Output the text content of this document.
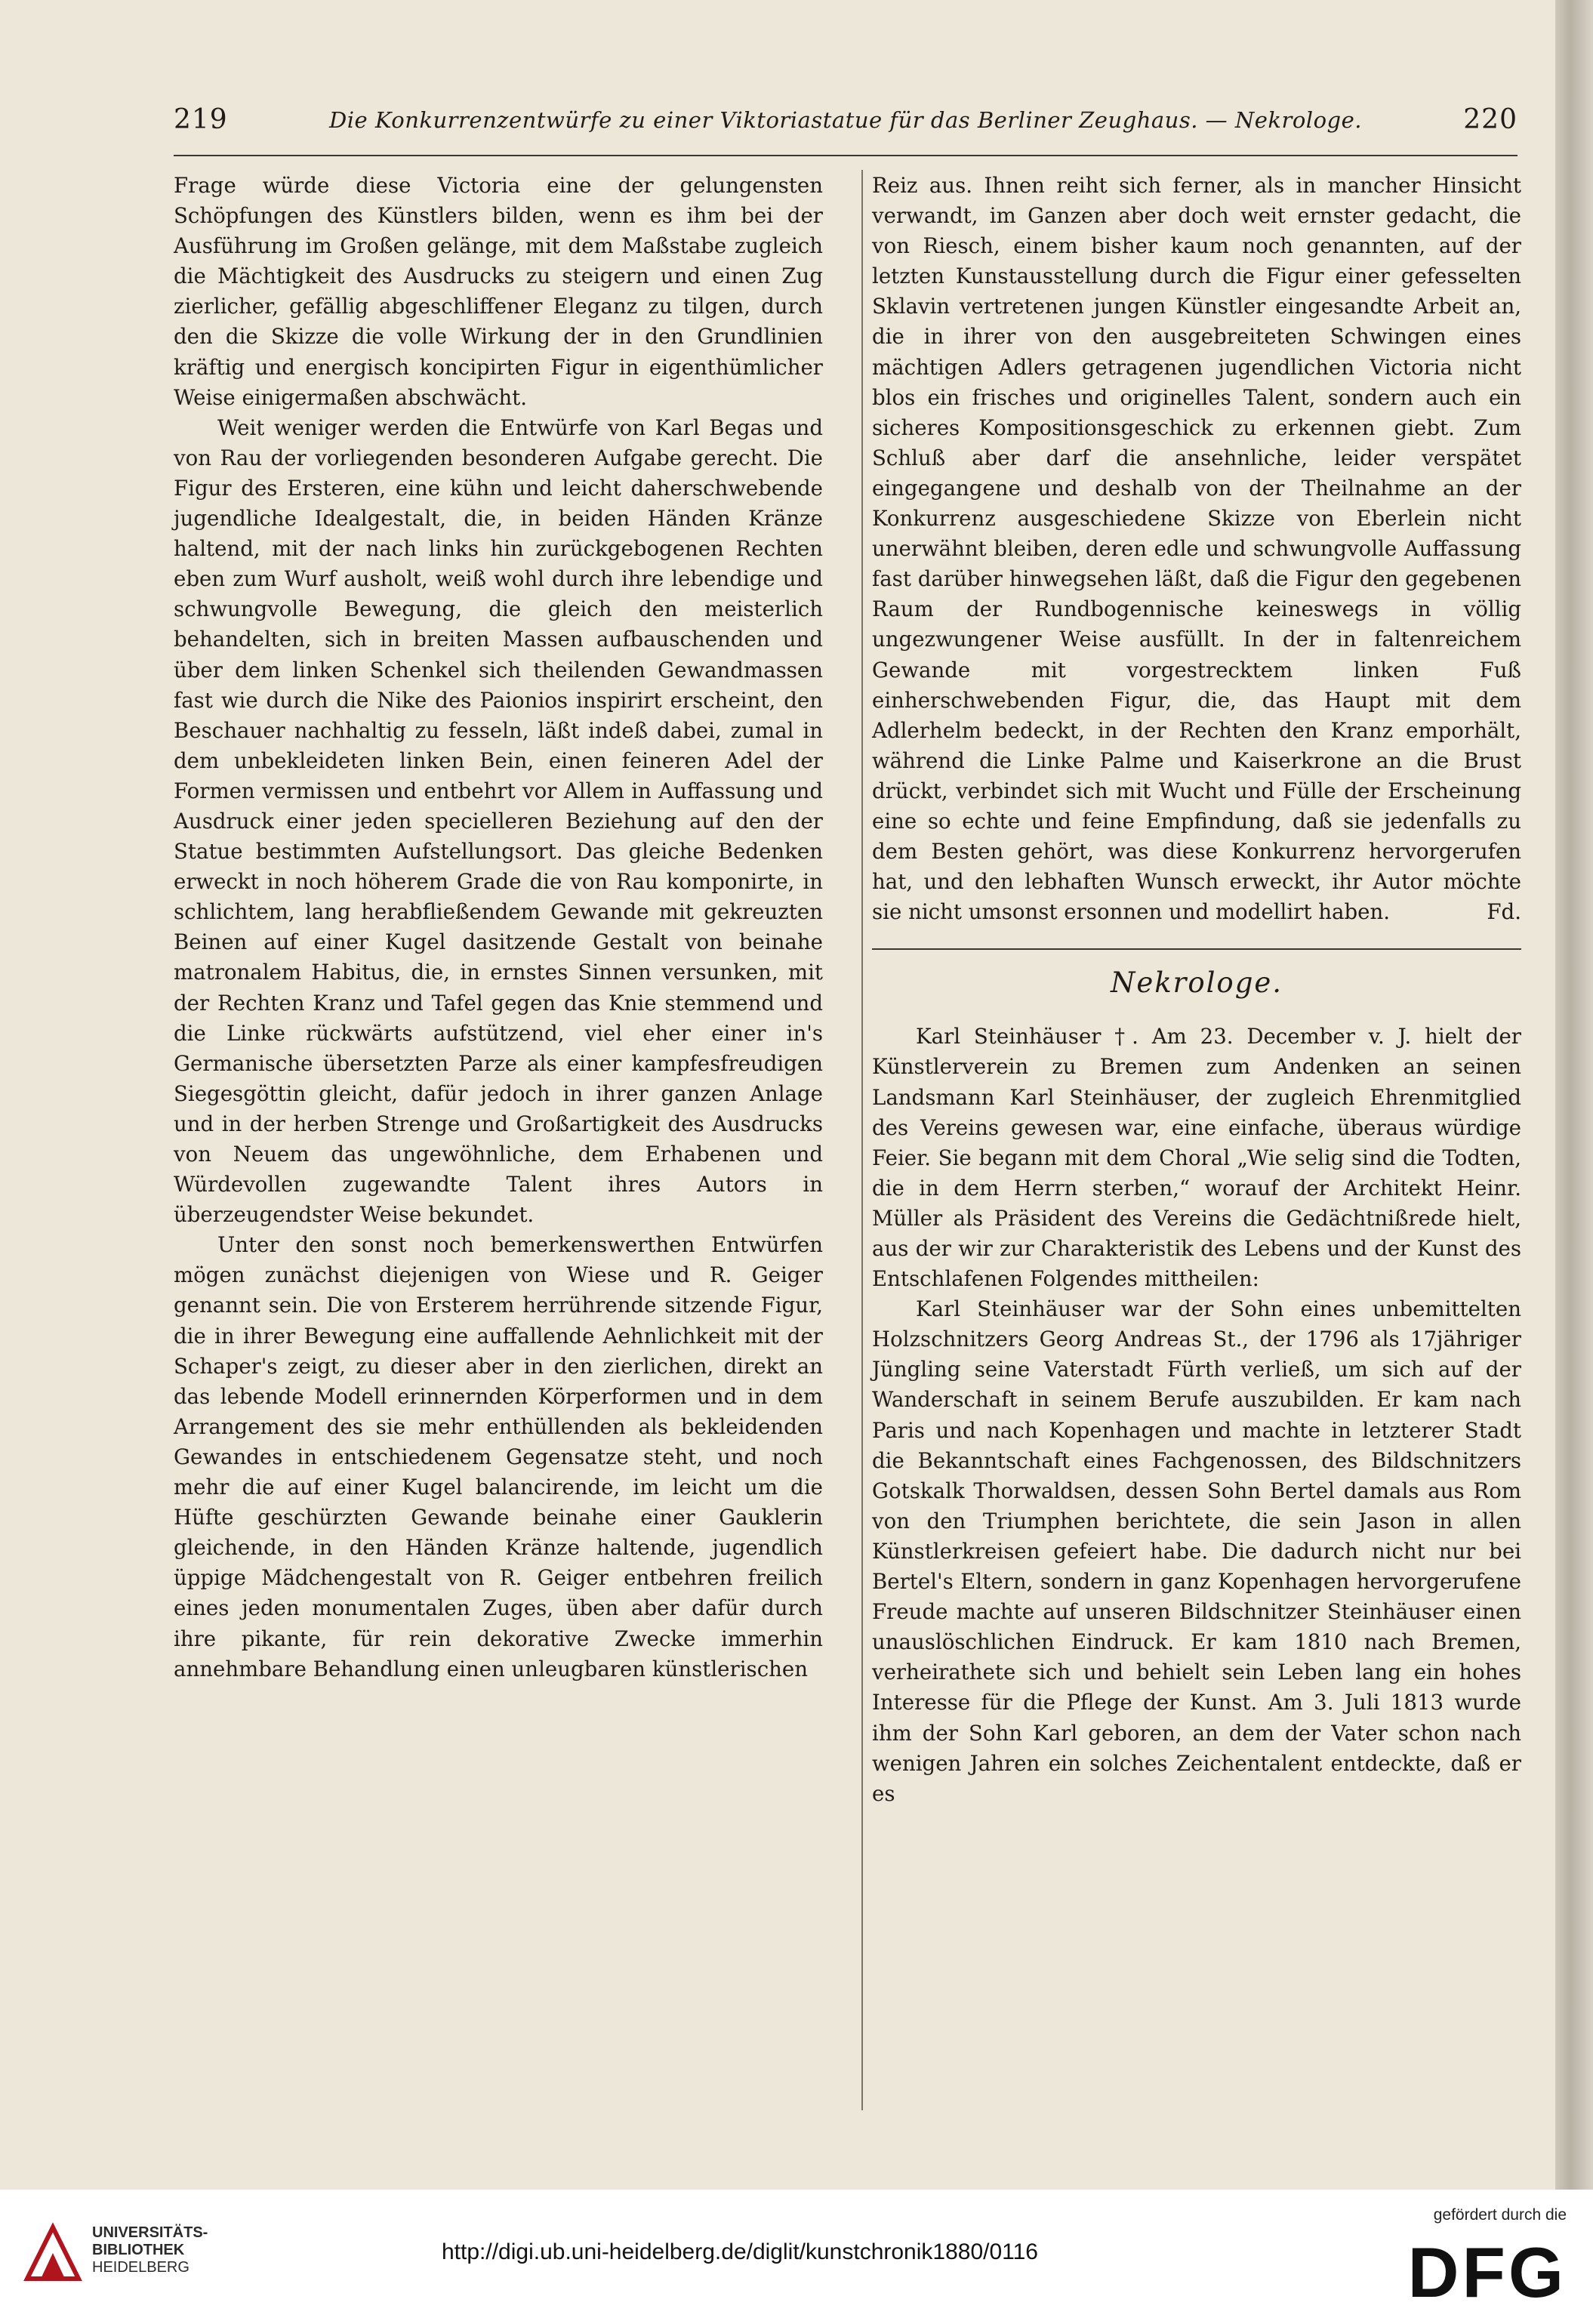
219	Die Konkurrenzentwürfe zu einer Viktoriastatue für das Berliner Zeughaus. — Nekrologe.	220

Frage würde diese Victoria eine der gelungensten Schöpfungen des Künstlers bilden, wenn es ihm bei der Ausführung im Großen gelänge, mit dem Maßstabe zugleich die Mächtigkeit des Ausdrucks zu steigern und einen Zug zierlicher, gefällig abgeschliffener Eleganz zu tilgen, durch den die Skizze die volle Wirkung der in den Grundlinien kräftig und energisch koncipirten Figur in eigenthümlicher Weise einigermaßen abschwächt.

Weit weniger werden die Entwürfe von Karl Begas und von Rau der vorliegenden besonderen Aufgabe gerecht. Die Figur des Ersteren, eine kühn und leicht daherschwebende jugendliche Idealgestalt, die, in beiden Händen Kränze haltend, mit der nach links hin zurückgebogenen Rechten eben zum Wurf ausholt, weiß wohl durch ihre lebendige und schwungvolle Bewegung, die gleich den meisterlich behandelten, sich in breiten Massen aufbauschenden und über dem linken Schenkel sich theilenden Gewandmassen fast wie durch die Nike des Paionios inspirirt erscheint, den Beschauer nachhaltig zu fesseln, läßt indeß dabei, zumal in dem unbekleideten linken Bein, einen feineren Adel der Formen vermissen und entbehrt vor Allem in Auffassung und Ausdruck einer jeden specielleren Beziehung auf den der Statue bestimmten Aufstellungsort. Das gleiche Bedenken erweckt in noch höherem Grade die von Rau komponirte, in schlichtem, lang herabfließendem Gewande mit gekreuzten Beinen auf einer Kugel dasitzende Gestalt von beinahe matronalem Habitus, die, in ernstes Sinnen versunken, mit der Rechten Kranz und Tafel gegen das Knie stemmend und die Linke rückwärts aufstützend, viel eher einer in's Germanische übersetzten Parze als einer kampfesfreudigen Siegesgöttin gleicht, dafür jedoch in ihrer ganzen Anlage und in der herben Strenge und Großartigkeit des Ausdrucks von Neuem das ungewöhnliche, dem Erhabenen und Würdevollen zugewandte Talent ihres Autors in überzeugendster Weise bekundet.

Unter den sonst noch bemerkenswerthen Entwürfen mögen zunächst diejenigen von Wiese und R. Geiger genannt sein. Die von Ersterem herrührende sitzende Figur, die in ihrer Bewegung eine auffallende Aehnlichkeit mit der Schaper's zeigt, zu dieser aber in den zierlichen, direkt an das lebende Modell erinnernden Körperformen und in dem Arrangement des sie mehr enthüllenden als bekleidenden Gewandes in entschiedenem Gegensatze steht, und noch mehr die auf einer Kugel balancirende, im leicht um die Hüfte geschürzten Gewande beinahe einer Gauklerin gleichende, in den Händen Kränze haltende, jugendlich üppige Mädchengestalt von R. Geiger entbehren freilich eines jeden monumentalen Zuges, üben aber dafür durch ihre pikante, für rein dekorative Zwecke immerhin annehmbare Behandlung einen unleugbaren künstlerischen

Reiz aus. Ihnen reiht sich ferner, als in mancher Hinsicht verwandt, im Ganzen aber doch weit ernster gedacht, die von Riesch, einem bisher kaum noch genannten, auf der letzten Kunstausstellung durch die Figur einer gefesselten Sklavin vertretenen jungen Künstler eingesandte Arbeit an, die in ihrer von den ausgebreiteten Schwingen eines mächtigen Adlers getragenen jugendlichen Victoria nicht blos ein frisches und originelles Talent, sondern auch ein sicheres Kompositionsgeschick zu erkennen giebt. Zum Schluß aber darf die ansehnliche, leider verspätet eingegangene und deshalb von der Theilnahme an der Konkurrenz ausgeschiedene Skizze von Eberlein nicht unerwähnt bleiben, deren edle und schwungvolle Auffassung fast darüber hinwegsehen läßt, daß die Figur den gegebenen Raum der Rundbogennische keineswegs in völlig ungezwungener Weise ausfüllt. In der in faltenreichem Gewande mit vorgestrecktem linken Fuß einherschwebenden Figur, die, das Haupt mit dem Adlerhelm bedeckt, in der Rechten den Kranz emporhält, während die Linke Palme und Kaiserkrone an die Brust drückt, verbindet sich mit Wucht und Fülle der Erscheinung eine so echte und feine Empfindung, daß sie jedenfalls zu dem Besten gehört, was diese Konkurrenz hervorgerufen hat, und den lebhaften Wunsch erweckt, ihr Autor möchte sie nicht umsonst ersonnen und modellirt haben.	Fd.
Nekrologe.

Karl Steinhäuser †. Am 23. December v. J. hielt der Künstlerverein zu Bremen zum Andenken an seinen Landsmann Karl Steinhäuser, der zugleich Ehrenmitglied des Vereins gewesen war, eine einfache, überaus würdige Feier. Sie begann mit dem Choral „Wie selig sind die Todten, die in dem Herrn sterben,“ worauf der Architekt Heinr. Müller als Präsident des Vereins die Gedächtnißrede hielt, aus der wir zur Charakteristik des Lebens und der Kunst des Entschlafenen Folgendes mittheilen:

Karl Steinhäuser war der Sohn eines unbemittelten Holzschnitzers Georg Andreas St., der 1796 als 17jähriger Jüngling seine Vaterstadt Fürth verließ, um sich auf der Wanderschaft in seinem Berufe auszubilden. Er kam nach Paris und nach Kopenhagen und machte in letzterer Stadt die Bekanntschaft eines Fachgenossen, des Bildschnitzers Gotskalk Thorwaldsen, dessen Sohn Bertel damals aus Rom von den Triumphen berichtete, die sein Jason in allen Künstlerkreisen gefeiert habe. Die dadurch nicht nur bei Bertel's Eltern, sondern in ganz Kopenhagen hervorgerufene Freude machte auf unseren Bildschnitzer Steinhäuser einen unauslöschlichen Eindruck. Er kam 1810 nach Bremen, verheirathete sich und behielt sein Leben lang ein hohes Interesse für die Pflege der Kunst. Am 3. Juli 1813 wurde ihm der Sohn Karl geboren, an dem der Vater schon nach wenigen Jahren ein solches Zeichentalent entdeckte, daß er es

UNIVERSITÄTS-
BIBLIOTHEK
HEIDELBERG
http://digi.ub.uni-heidelberg.de/diglit/kunstchronik1880/0116
gefördert durch die
DFG
